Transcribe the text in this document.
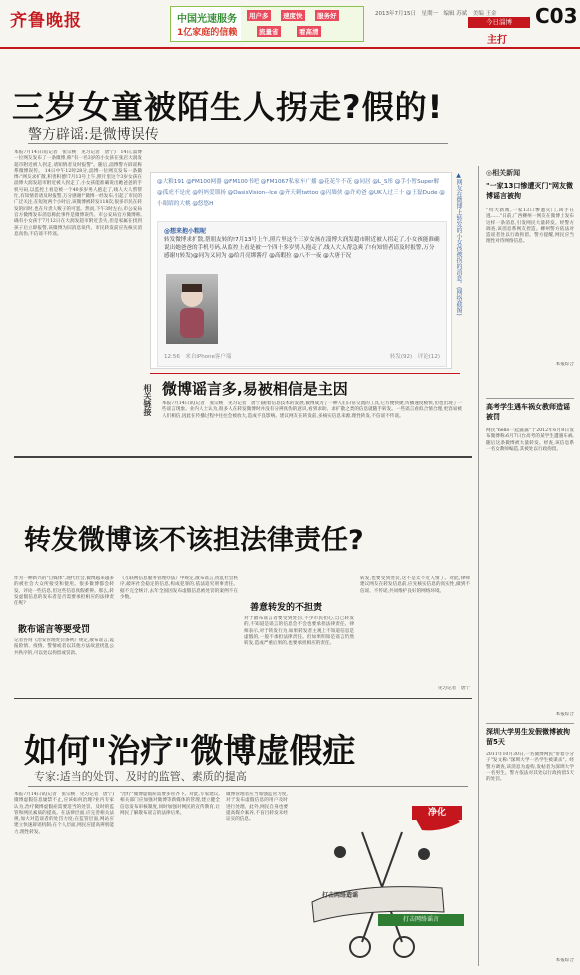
齐鲁晚报	中国光速服务
1亿家庭的信赖
用户多	速度快	服务好
流量省	看高清
2013年7月15日　星期一　编辑 苏斌　美编 王金 C03
今日淄博
主打
三岁女童被陌生人拐走?假的!
警方辟谣:是微博误传
本报7月14日讯(记者　张宗桃　见习记者　唐宁)　14日,淄博一位网友发布了一条微博,称"有一名3岁的小女孩在张店大润发超市附近被人拐走,请知情者及时报警"。随后,淄博警方辟谣称系微博误传。 14日中午12时28分,淄博一位网友发布一条微博:"网友求扩散,积善积德!7月13号上午,照片里这个3岁女孩在淄博大润发超市附近被人拐走了,小女孩能准确说出她爸爸的手机号码,以监控上看是被一个40多岁男人抱走了,线人大人帮帮忙,有知情者请及时报警,万分感谢!"微博一经发布,引起了市民的广泛关注,在短短两个小时后,该微博被转发118次,很多市民在转发的同时,也在斥责人贩子的可恶。然而,下午3时左右,市公安局官方微博发布消息称此事件是微博误传。市公安局官方微博称,确有小女孩于7月12日在大润发超市附近丢失,但是家属在找到孩子后立即报警,该微博为旧消息误传。市民转发前应先核实消息真伪,不信谣不传谣。
@大粮191 @FM100网器 @FM100书吧 @FM1067私家车广播 @花花牛不花 @同居 @L_S彤 @手小暂Super解 @孤虎不是虎 @妈妈爱锁扬 @OasisVision--lce @齐天刺tattoo @闪墙侠 @许劝爸 @UK人过三十 @王磊Dude @小眼睛的大桃 @悠悠H
@想来抱小粗呢
转发微博求扩散,帮朋友转的!7月13号上午,照片里这个三岁女孩在淄博大润发超市附近被人拐走了,小女孩能准确说出她爸爸的手机号码,从监控上看是被一个四十多岁男人抱走了,线人大人帮急爽了!有知情者请及时报警,万分感谢!(转发)@同为又同为 @给月亮绑酱疗 @高暇拉 @八不一夜 @大唐于况
12:56　来自iPhone客户端	转发(92)　评论(12)
▲网友在微博上转发的小女孩被拐的消息。(网络截图)
相关链接 微博谣言多,易被相信是主因
本报7月14日讯(记者　张宗桃　见习记者　唐宁)随着信息技术的发展,微博成为了一种人们日常交流的工具,它方便快捷,传播速度极快,但也出现了一些谣言现象。业内人士认为,很多人在转发微博时并没有分辨真伪的意识,看到求助、求扩散之类的信息就随手转发。一些谣言看似合情合理,更容易被人们相信,因此在传播过程中往往会被放大,造成不良影响。建议网友在转发前,多核实信息来源,理性转发,不信谣不传谣。
◎相关新闻
"一家13口惨遭灭门"网友微博谣言被拘
"特大新闻,一家13口惨遭灭门,凶手在逃……"日前,广西柳州一网友在微博上发布这样一条消息,引发网民大量转发。经警方调查,该消息系网友捏造。柳州警方依法对造谣者处以行政拘留。警方提醒,网民应当理性对待网络信息。
本报综合
高考学生遇车祸女教师造谣被罚
网民"hello一起露露"于2012年6月8日发布微博称:6月7日台高考的某学生遭遇车祸,随后这条微博被大量转发。经查,该信息系一名女教师编造,其被处以行政拘留。
本报综合
深圳大学男生发假微博被拘留5天
2011年10月30日,一名微博网民"带着小分子"发文称:"深圳大学一名学生被谋杀"。经警方调查,该消息为虚构,发帖者为深圳大学一名男生。警方依法对其处以行政拘留5天的处罚。
本报综合
转发微博该不该担法律责任?
作为一种新兴的"自媒体",现代社会,微博越来越多的被社会大众所接受和使用。很多微博都会转发、评论一些信息,但这些信息真假难辨。那么,转发虚假信息的发布者是否需要承担相应的法律责任呢?
散布谣言等要受罚
记者咨询《治安管理处罚条例》规定,散布谣言,谎报险情、疫情、警情或者以其他方法故意扰乱公共秩序的,可以处以拘留或罚款。
《互联网信息服务管理办法》中规定,散布谣言,扰乱社会秩序,破坏社会稳定的信息,构成犯罪的,依法追究刑事责任。据不完全统计,去年全国因发布虚假信息被处罚的案例不在少数。
善意转发的不担责
对于散布谣言者要受到处罚,不少市民担心,自己转发的,不知道是谣言的信息会不会也要承担法律责任。律师表示,对于转发行为,如果转发者主观上不知道信息是虚假的,一般不承担法律责任。但如果明知是谣言仍然转发,造成严重后果的,也要承担相应的责任。
转发,也要受到处罚,这不是太不近人情了。对此,律师建议网友在转发信息前,应先核实信息的真实性,做到不信谣、不传谣,共同维护良好的网络环境。
见习记者　唐宁
如何"治疗"微博虚假症
专家:适当的处罚、及时的监管、素质的提高
本报7月14日讯(记者　张宗桃　见习记者　唐宁)微博虚假信息屡禁不止,应该如何治理?业内专家认为,治疗微博虚假症需要适当的处罚、及时的监管和网民素质的提高。在法律层面,应完善相关法规,加大对造谣者的处罚力度;在监管层面,网站应建立快速辟谣机制;在个人层面,网民应提高辨别能力,理性转发。
"治疗"微博虚假症需要多管齐下。对此,专家建议,相关部门应加强对微博等新媒体的管理,建立健全信息发布审核制度,同时加强对网民的宣传教育,让网民了解散布谣言的法律后果。
微博管理者应当加强监管力度,对于发布虚假信息的用户及时进行处理。此外,网民自身也要提高媒介素养,不盲目转发未经证实的信息。
净化
打击网络谣言
打击网络造谣
